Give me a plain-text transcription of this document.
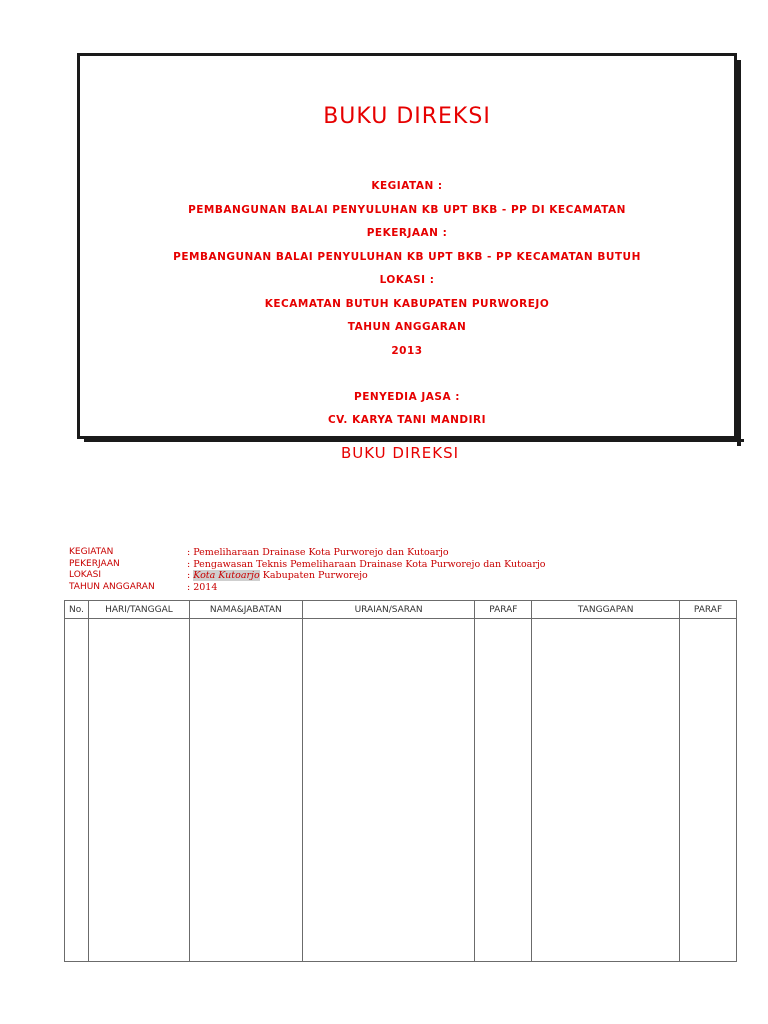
BUKU DIREKSI
KEGIATAN :
PEMBANGUNAN BALAI PENYULUHAN KB UPT BKB - PP DI KECAMATAN
PEKERJAAN :
PEMBANGUNAN BALAI PENYULUHAN KB UPT BKB - PP KECAMATAN BUTUH
LOKASI :
KECAMATAN BUTUH KABUPATEN PURWOREJO
TAHUN ANGGARAN
2013
PENYEDIA JASA :
CV. KARYA TANI MANDIRI
BUKU DIREKSI
KEGIATAN	: Pemeliharaan Drainase Kota Purworejo dan Kutoarjo
PEKERJAAN	: Pengawasan Teknis Pemeliharaan Drainase Kota Purworejo dan Kutoarjo
LOKASI	: Kota Kutoarjo Kabupaten Purworejo
TAHUN ANGGARAN	: 2014
No.	HARI/TANGGAL	NAMA&JABATAN	URAIAN/SARAN	PARAF	TANGGAPAN	PARAF
